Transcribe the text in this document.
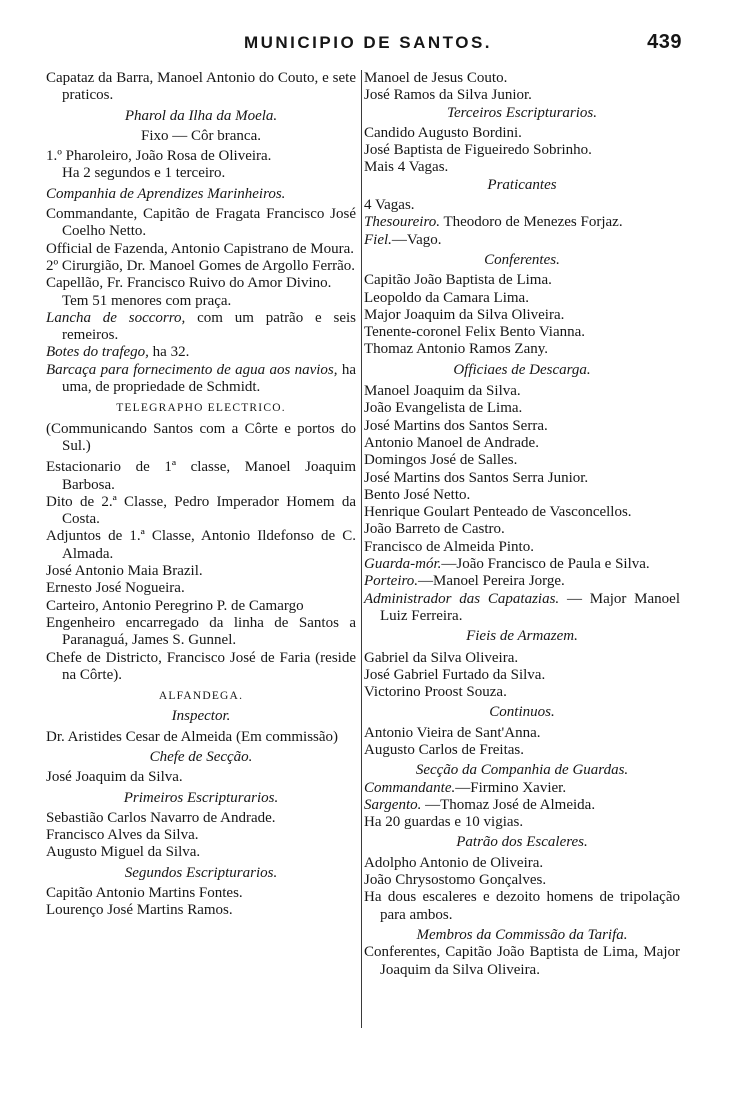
MUNICIPIO DE SANTOS.	439

Capataz da Barra, Manoel Antonio do Couto, e sete praticos.

Pharol da Ilha da Moela.

Fixo — Côr branca.

1.º Pharoleiro, João Rosa de Oliveira.

Ha 2 segundos e 1 terceiro.

Companhia de Aprendizes Marinheiros.

Commandante, Capitão de Fragata Francisco José Coelho Netto.

Official de Fazenda, Antonio Capistrano de Moura.

2º Cirurgião, Dr. Manoel Gomes de Argollo Ferrão.

Capellão, Fr. Francisco Ruivo do Amor Divino.

Tem 51 menores com praça.

Lancha de soccorro, com um patrão e seis remeiros.

Botes do trafego, ha 32.

Barcaça para fornecimento de agua aos navios, ha uma, de propriedade de Schmidt.

TELEGRAPHO ELECTRICO.

(Communicando Santos com a Côrte e portos do Sul.)

Estacionario de 1ª classe, Manoel Joaquim Barbosa.

Dito de 2.ª Classe, Pedro Imperador Homem da Costa.

Adjuntos de 1.ª Classe, Antonio Ildefonso de C. Almada.

José Antonio Maia Brazil.

Ernesto José Nogueira.

Carteiro, Antonio Peregrino P. de Camargo

Engenheiro encarregado da linha de Santos a Paranaguá, James S. Gunnel.

Chefe de Districto, Francisco José de Faria (reside na Côrte).

ALFANDEGA.

Inspector.

Dr. Aristides Cesar de Almeida (Em commissão)

Chefe de Secção.

José Joaquim da Silva.

Primeiros Escripturarios.

Sebastião Carlos Navarro de Andrade.

Francisco Alves da Silva.

Augusto Miguel da Silva.

Segundos Escripturarios.

Capitão Antonio Martins Fontes.

Lourenço José Martins Ramos.

Manoel de Jesus Couto.

José Ramos da Silva Junior.

Terceiros Escripturarios.

Candido Augusto Bordini.

José Baptista de Figueiredo Sobrinho.

Mais 4 Vagas.

Praticantes

4 Vagas.

Thesoureiro. Theodoro de Menezes Forjaz.

Fiel.—Vago.

Conferentes.

Capitão João Baptista de Lima.

Leopoldo da Camara Lima.

Major Joaquim da Silva Oliveira.

Tenente-coronel Felix Bento Vianna.

Thomaz Antonio Ramos Zany.

Officiaes de Descarga.

Manoel Joaquim da Silva.

João Evangelista de Lima.

José Martins dos Santos Serra.

Antonio Manoel de Andrade.

Domingos José de Salles.

José Martins dos Santos Serra Junior.

Bento José Netto.

Henrique Goulart Penteado de Vasconcellos.

João Barreto de Castro.

Francisco de Almeida Pinto.

Guarda-mór.—João Francisco de Paula e Silva.

Porteiro.—Manoel Pereira Jorge.

Administrador das Capatazias. — Major Manoel Luiz Ferreira.

Fieis de Armazem.

Gabriel da Silva Oliveira.

José Gabriel Furtado da Silva.

Victorino Proost Souza.

Continuos.

Antonio Vieira de Sant'Anna.

Augusto Carlos de Freitas.

Secção da Companhia de Guardas.

Commandante.—Firmino Xavier.

Sargento. —Thomaz José de Almeida.

Ha 20 guardas e 10 vigias.

Patrão dos Escaleres.

Adolpho Antonio de Oliveira.

João Chrysostomo Gonçalves.

Ha dous escaleres e dezoito homens de tripolação para ambos.

Membros da Commissão da Tarifa.

Conferentes, Capitão João Baptista de Lima, Major Joaquim da Silva Oliveira.
